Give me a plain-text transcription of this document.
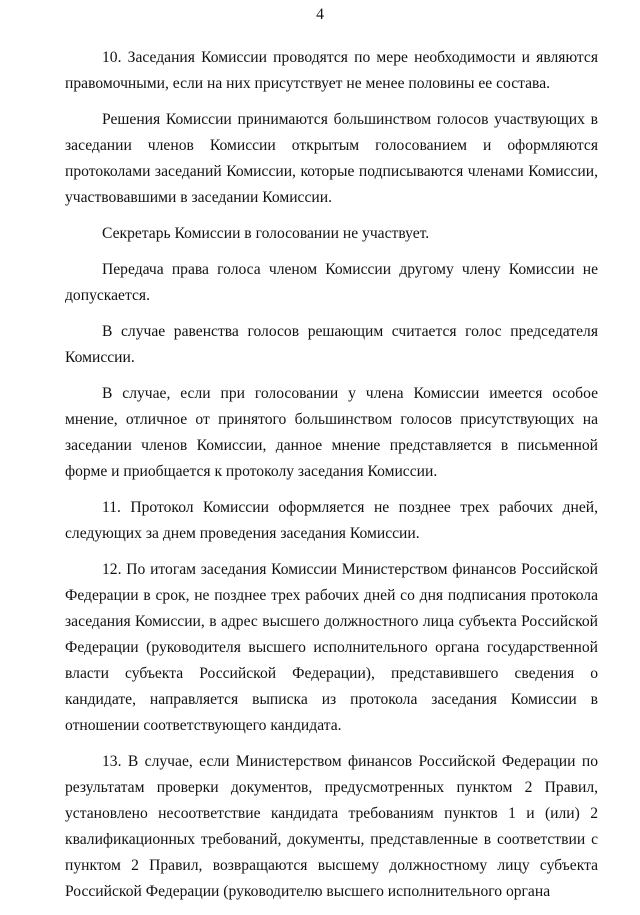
4

10. Заседания Комиссии проводятся по мере необходимости и являются правомочными, если на них присутствует не менее половины ее состава.

Решения Комиссии принимаются большинством голосов участвующих в заседании членов Комиссии открытым голосованием и оформляются протоколами заседаний Комиссии, которые подписываются членами Комиссии, участвовавшими в заседании Комиссии.

Секретарь Комиссии в голосовании не участвует.

Передача права голоса членом Комиссии другому члену Комиссии не допускается.

В случае равенства голосов решающим считается голос председателя Комиссии.

В случае, если при голосовании у члена Комиссии имеется особое мнение, отличное от принятого большинством голосов присутствующих на заседании членов Комиссии, данное мнение представляется в письменной форме и приобщается к протоколу заседания Комиссии.

11. Протокол Комиссии оформляется не позднее трех рабочих дней, следующих за днем проведения заседания Комиссии.

12. По итогам заседания Комиссии Министерством финансов Российской Федерации в срок, не позднее трех рабочих дней со дня подписания протокола заседания Комиссии, в адрес высшего должностного лица субъекта Российской Федерации (руководителя высшего исполнительного органа государственной власти субъекта Российской Федерации), представившего сведения о кандидате, направляется выписка из протокола заседания Комиссии в отношении соответствующего кандидата.

13. В случае, если Министерством финансов Российской Федерации по результатам проверки документов, предусмотренных пунктом 2 Правил, установлено несоответствие кандидата требованиям пунктов 1 и (или) 2 квалификационных требований, документы, представленные в соответствии с пунктом 2 Правил, возвращаются высшему должностному лицу субъекта Российской Федерации (руководителю высшего исполнительного органа
